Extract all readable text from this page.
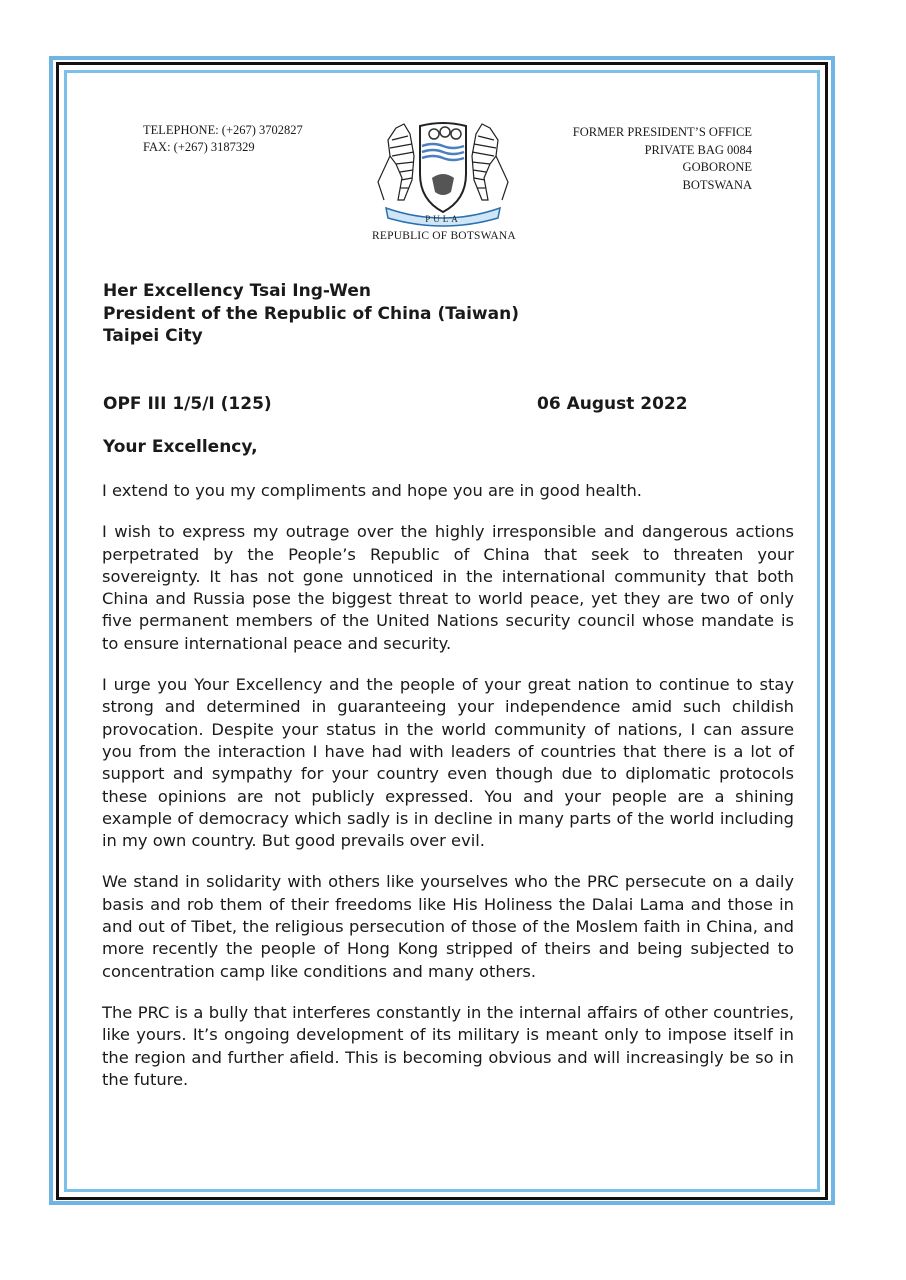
TELEPHONE: (+267) 3702827
FAX: (+267) 3187329
PULA
REPUBLIC OF BOTSWANA
FORMER PRESIDENT’S OFFICE
PRIVATE BAG 0084
GOBORONE
BOTSWANA
Her Excellency Tsai Ing-Wen
President of the Republic of China (Taiwan)
Taipei City
OPF III 1/5/I (125)	06 August 2022
Your Excellency,

I extend to you my compliments and hope you are in good health.

I wish to express my outrage over the highly irresponsible and dangerous actions perpetrated by the People’s Republic of China that seek to threaten your sovereignty. It has not gone unnoticed in the international community that both China and Russia pose the biggest threat to world peace, yet they are two of only five permanent members of the United Nations security council whose mandate is to ensure international peace and security.

I urge you Your Excellency and the people of your great nation to continue to stay strong and determined in guaranteeing your independence amid such childish provocation. Despite your status in the world community of nations, I can assure you from the interaction I have had with leaders of countries that there is a lot of support and sympathy for your country even though due to diplomatic protocols these opinions are not publicly expressed. You and your people are a shining example of democracy which sadly is in decline in many parts of the world including in my own country. But good prevails over evil.

We stand in solidarity with others like yourselves who the PRC persecute on a daily basis and rob them of their freedoms like His Holiness the Dalai Lama and those in and out of Tibet, the religious persecution of those of the Moslem faith in China, and more recently the people of Hong Kong stripped of theirs and being subjected to concentration camp like conditions and many others.

The PRC is a bully that interferes constantly in the internal affairs of other countries, like yours. It’s ongoing development of its military is meant only to impose itself in the region and further afield. This is becoming obvious and will increasingly be so in the future.
